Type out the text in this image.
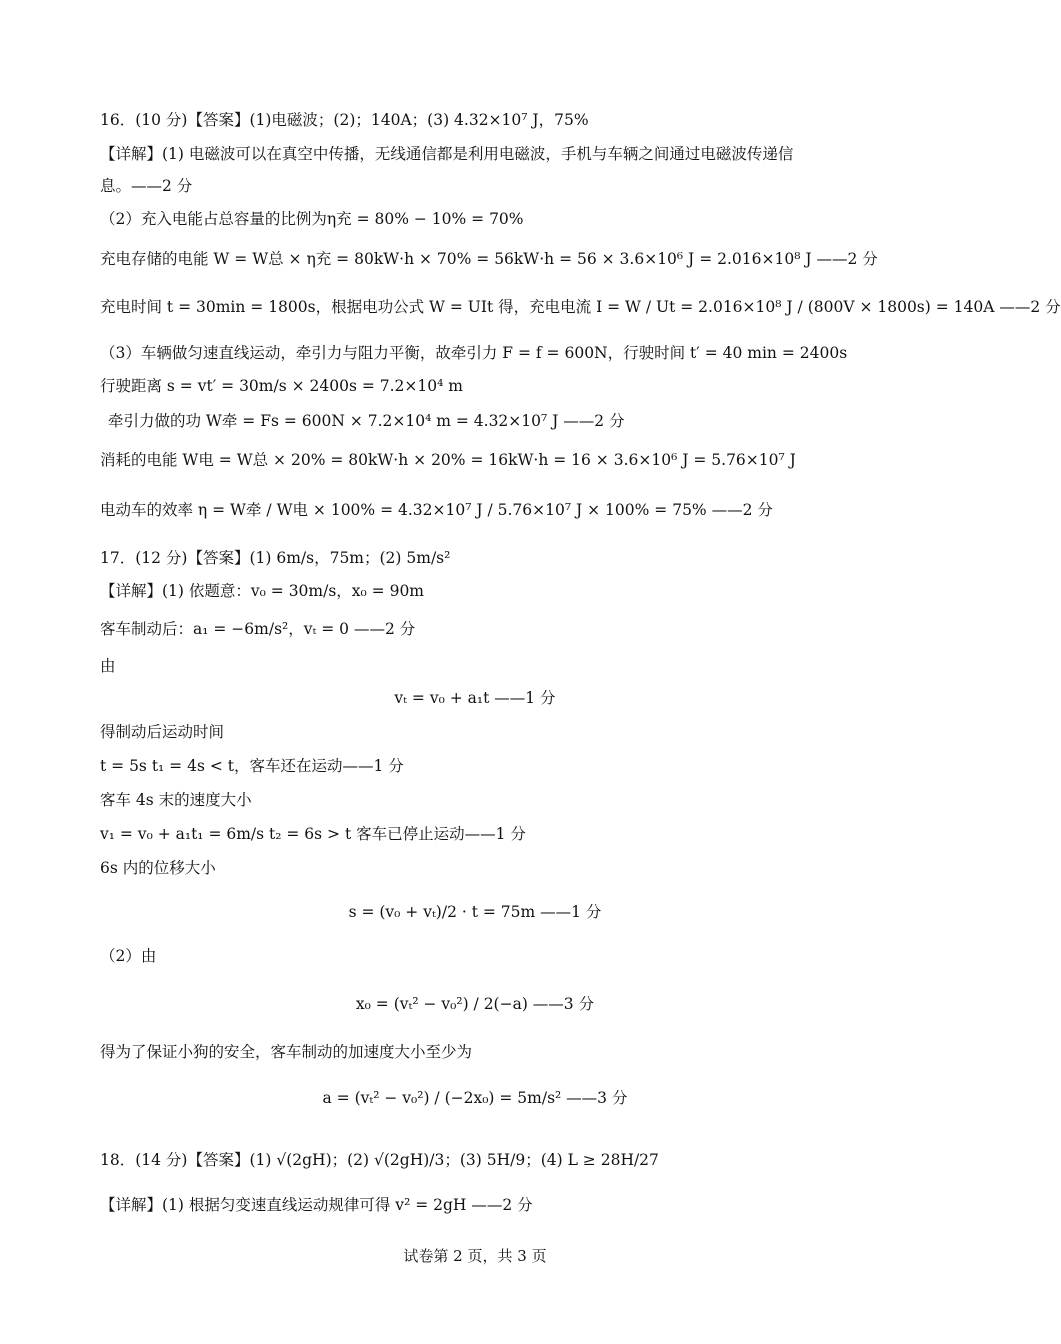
16．(10 分)【答案】(1)电磁波；(2)；140A；(3) 4.32×10⁷ J，75%
【详解】(1) 电磁波可以在真空中传播，无线通信都是利用电磁波，手机与车辆之间通过电磁波传递信
息。——2 分
（2）充入电能占总容量的比例为η充 = 80% − 10% = 70%
充电存储的电能 W = W总 × η充 = 80kW·h × 70% = 56kW·h = 56 × 3.6×10⁶ J = 2.016×10⁸ J ——2 分
充电时间 t = 30min = 1800s，根据电功公式 W = UIt 得，充电电流 I = W / Ut = 2.016×10⁸ J / (800V × 1800s) = 140A ——2 分
（3）车辆做匀速直线运动，牵引力与阻力平衡，故牵引力 F = f = 600N，行驶时间 t′ = 40 min = 2400s
行驶距离 s = vt′ = 30m/s × 2400s = 7.2×10⁴ m
牵引力做的功 W牵 = Fs = 600N × 7.2×10⁴ m = 4.32×10⁷ J ——2 分
消耗的电能 W电 = W总 × 20% = 80kW·h × 20% = 16kW·h = 16 × 3.6×10⁶ J = 5.76×10⁷ J
电动车的效率 η = W牵 / W电 × 100% = 4.32×10⁷ J / 5.76×10⁷ J × 100% = 75% ——2 分
17．(12 分)【答案】(1) 6m/s，75m；(2) 5m/s²
【详解】(1) 依题意：v₀ = 30m/s，x₀ = 90m
客车制动后：a₁ = −6m/s²，vₜ = 0 ——2 分
由
vₜ = v₀ + a₁t ——1 分
得制动后运动时间
t = 5s t₁ = 4s < t，客车还在运动——1 分
客车 4s 末的速度大小
v₁ = v₀ + a₁t₁ = 6m/s t₂ = 6s > t 客车已停止运动——1 分
6s 内的位移大小
s = (v₀ + vₜ)/2 · t = 75m ——1 分
（2）由
x₀ = (vₜ² − v₀²) / 2(−a) ——3 分
得为了保证小狗的安全，客车制动的加速度大小至少为
a = (vₜ² − v₀²) / (−2x₀) = 5m/s² ——3 分
18．(14 分)【答案】(1) √(2gH)；(2) √(2gH)/3；(3) 5H/9；(4) L ≥ 28H/27
【详解】(1) 根据匀变速直线运动规律可得 v² = 2gH ——2 分
试卷第 2 页，共 3 页
